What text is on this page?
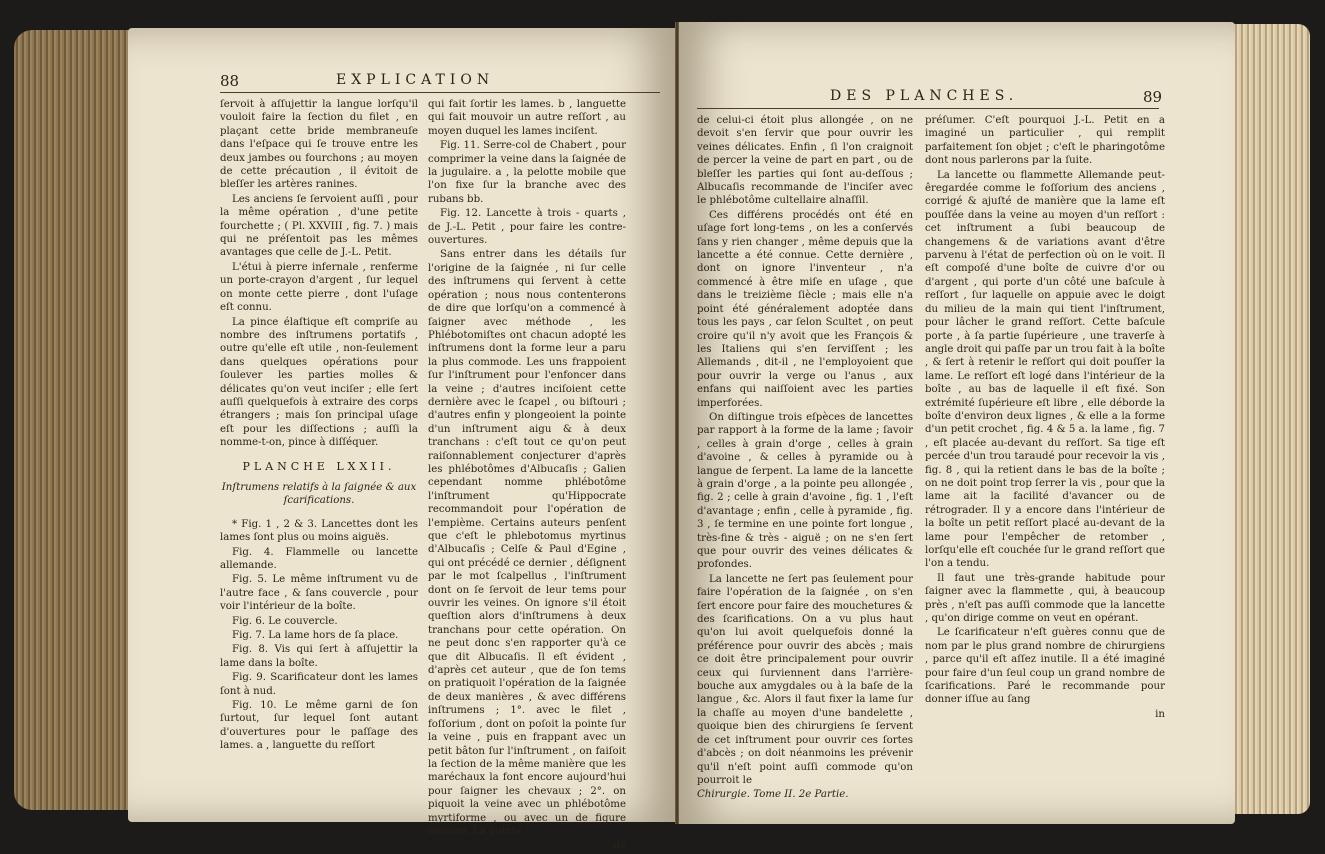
88	EXPLICATION

ſervoit à aſſujettir la langue lorſqu'il vouloit faire la ſection du filet , en plaçant cette bride membraneuſe dans l'eſpace qui ſe trouve entre les deux jambes ou fourchons ; au moyen de cette précaution , il évitoit de bleſſer les artères ranines.

Les anciens ſe ſervoient auſſi , pour la même opération , d'une petite fourchette ; ( Pl. XXVIII , fig. 7. ) mais qui ne préſentoit pas les mêmes avantages que celle de J.-L. Petit.

L'étui à pierre infernale , renferme un porte-crayon d'argent , ſur lequel on monte cette pierre , dont l'uſage eſt connu.

La pince élaſtique eſt compriſe au nombre des inſtrumens portatifs , outre qu'elle eſt utile , non-ſeulement dans quelques opérations pour ſoulever les parties molles & délicates qu'on veut inciſer ; elle ſert auſſi quelquefois à extraire des corps étrangers ; mais ſon principal uſage eſt pour les diſſections ; auſſi la nomme-t-on, pince à diſſéquer.

PLANCHE LXXII.

Inſtrumens relatifs à la ſaignée & aux ſcarifications.

* Fig. 1 , 2 & 3. Lancettes dont les lames ſont plus ou moins aiguës.

Fig. 4. Flammelle ou lancette allemande.

Fig. 5. Le même inſtrument vu de l'autre face , & ſans couvercle , pour voir l'intérieur de la boîte.

Fig. 6. Le couvercle.

Fig. 7. La lame hors de ſa place.

Fig. 8. Vis qui ſert à aſſujettir la lame dans la boîte.

Fig. 9. Scarificateur dont les lames ſont à nud.

Fig. 10. Le même garni de ſon ſurtout, ſur lequel ſont autant d'ouvertures pour le paſſage des lames. a , languette du reſſort

qui fait ſortir les lames. b , languette qui fait mouvoir un autre reſſort , au moyen duquel les lames inciſent.

Fig. 11. Serre-col de Chabert , pour comprimer la veine dans la ſaignée de la jugulaire. a , la pelotte mobile que l'on fixe ſur la branche avec des rubans bb.

Fig. 12. Lancette à trois - quarts , de J.-L. Petit , pour faire les contre-ouvertures.

Sans entrer dans les détails ſur l'origine de la ſaignée , ni ſur celle des inſtrumens qui ſervent à cette opération ; nous nous contenterons de dire que lorſqu'on a commencé à ſaigner avec méthode , les Phlébotomiſtes ont chacun adopté les inſtrumens dont la forme leur a paru la plus commode. Les uns frappoient ſur l'inſtrument pour l'enfoncer dans la veine ; d'autres inciſoient cette dernière avec le ſcapel , ou biſtouri ; d'autres enfin y plongeoient la pointe d'un inſtrument aigu & à deux tranchans : c'eſt tout ce qu'on peut raiſonnablement conjecturer d'après les phlébotômes d'Albucaſis ; Galien cependant nomme phlébotôme l'inſtrument qu'Hippocrate recommandoit pour l'opération de l'empième. Certains auteurs penſent que c'eſt le phlebotomus myrtinus d'Albucaſis ; Celſe & Paul d'Egine , qui ont précédé ce dernier , déſignent par le mot ſcalpellus , l'inſtrument dont on ſe ſervoit de leur tems pour ouvrir les veines. On ignore s'il étoit queſtion alors d'inſtrumens à deux tranchans pour cette opération. On ne peut donc s'en rapporter qu'à ce que dit Albucaſis. Il eſt évident , d'après cet auteur , que de ſon tems on pratiquoit l'opération de la ſaignée de deux manières , & avec différens inſtrumens ; 1°. avec le filet , foſſorium , dont on poſoit la pointe ſur la veine , puis en frappant avec un petit bâton ſur l'inſtrument , on faiſoit la ſection de la même manière que les maréchaux la font encore aujourd'hui pour ſaigner les chevaux ; 2°. on piquoit la veine avec un phlébotôme myrtiforme , ou avec un de figure olivaire. La pointe

de

DES PLANCHES.	89

de celui-ci étoit plus allongée , on ne devoit s'en ſervir que pour ouvrir les veines délicates. Enfin , ſi l'on craignoit de percer la veine de part en part , ou de bleſſer les parties qui ſont au-deſſous ; Albucaſis recommande de l'inciſer avec le phlébotôme cultellaire alnaſſil.

Ces différens procédés ont été en uſage fort long-tems , on les a conſervés ſans y rien changer , même depuis que la lancette a été connue. Cette dernière , dont on ignore l'inventeur , n'a commencé à être miſe en uſage , que dans le treizième ſiècle ; mais elle n'a point été généralement adoptée dans tous les pays , car ſelon Scultet , on peut croire qu'il n'y avoit que les François & les Italiens qui s'en ſerviſſent ; les Allemands , dit-il , ne l'employoient que pour ouvrir la verge ou l'anus , aux enfans qui naiſſoient avec les parties imperforées.

On diſtingue trois eſpèces de lancettes par rapport à la forme de la lame ; ſavoir , celles à grain d'orge , celles à grain d'avoine , & celles à pyramide ou à langue de ſerpent. La lame de la lancette à grain d'orge , a la pointe peu allongée , fig. 2 ; celle à grain d'avoine , fig. 1 , l'eſt d'avantage ; enfin , celle à pyramide , fig. 3 , ſe termine en une pointe fort longue , très-fine & très - aiguë ; on ne s'en ſert que pour ouvrir des veines délicates & profondes.

La lancette ne ſert pas ſeulement pour faire l'opération de la ſaignée , on s'en ſert encore pour faire des mouchetures & des ſcarifications. On a vu plus haut qu'on lui avoit quelquefois donné la préférence pour ouvrir des abcès ; mais ce doit être principalement pour ouvrir ceux qui ſurviennent dans l'arrière-bouche aux amygdales ou à la baſe de la langue , &c. Alors il faut fixer la lame ſur la chaſſe au moyen d'une bandelette , quoique bien des chirurgiens ſe ſervent de cet inſtrument pour ouvrir ces ſortes d'abcès ; on doit néanmoins les prévenir qu'il n'eſt point auſſi commode qu'on pourroit le

Chirurgie. Tome II. 2e Partie.

préſumer. C'eſt pourquoi J.-L. Petit en a imaginé un particulier , qui remplit parfaitement ſon objet ; c'eſt le pharingotôme dont nous parlerons par la ſuite.

La lancette ou flammette Allemande peut-êregardée comme le foſſorium des anciens , corrigé & ajuſté de manière que la lame eſt pouſſée dans la veine au moyen d'un reſſort : cet inſtrument a ſubi beaucoup de changemens & de variations avant d'être parvenu à l'état de perfection où on le voit. Il eſt compoſé d'une boîte de cuivre d'or ou d'argent , qui porte d'un côté une baſcule à reſſort , ſur laquelle on appuie avec le doigt du milieu de la main qui tient l'inſtrument, pour lâcher le grand reſſort. Cette baſcule porte , à ſa partie ſupérieure , une traverſe à angle droit qui paſſe par un trou fait à la boîte , & ſert à retenir le reſſort qui doit pouſſer la lame. Le reſſort eſt logé dans l'intérieur de la boîte , au bas de laquelle il eſt fixé. Son extrémité ſupérieure eſt libre , elle déborde la boîte d'environ deux lignes , & elle a la forme d'un petit crochet , fig. 4 & 5 a. la lame , fig. 7 , eſt placée au-devant du reſſort. Sa tige eſt percée d'un trou taraudé pour recevoir la vis , fig. 8 , qui la retient dans le bas de la boîte ; on ne doit point trop ſerrer la vis , pour que la lame ait la facilité d'avancer ou de rétrograder. Il y a encore dans l'intérieur de la boîte un petit reſſort placé au-devant de la lame pour l'empêcher de retomber , lorſqu'elle eſt couchée ſur le grand reſſort que l'on a tendu.

Il faut une très-grande habitude pour ſaigner avec la flammette , qui, à beaucoup près , n'eſt pas auſſi commode que la lancette , qu'on dirige comme on veut en opérant.

Le ſcarificateur n'eſt guères connu que de nom par le plus grand nombre de chirurgiens , parce qu'il eſt aſſez inutile. Il a été imaginé pour faire d'un ſeul coup un grand nombre de ſcarifications. Paré le recommande pour donner iſſue au ſang

in
